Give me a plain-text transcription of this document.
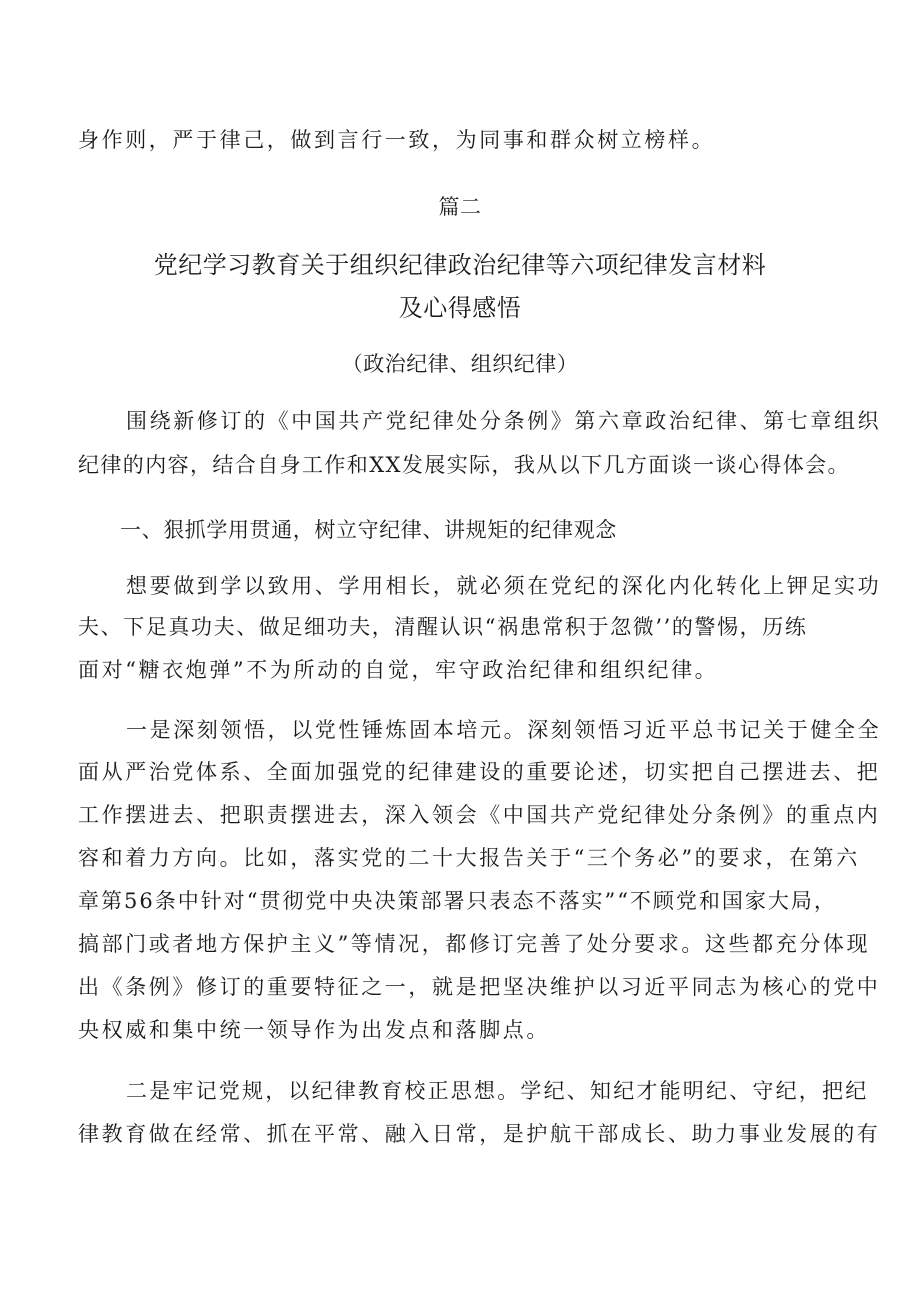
身作则，严于律己，做到言行一致，为同事和群众树立榜样。
篇二
党纪学习教育关于组织纪律政治纪律等六项纪律发言材料
及心得感悟
（政治纪律、组织纪律）
围绕新修订的《中国共产党纪律处分条例》第六章政治纪律、第七章组织
纪律的内容，结合自身工作和XX发展实际，我从以下几方面谈一谈心得体会。
一、狠抓学用贯通，树立守纪律、讲规矩的纪律观念
想要做到学以致用、学用相长，就必须在党纪的深化内化转化上钾足实功
夫、下足真功夫、做足细功夫，清醒认识“祸患常积于忽微’’的警惕，历练
面对“糖衣炮弹”不为所动的自觉，牢守政治纪律和组织纪律。
一是深刻领悟，以党性锤炼固本培元。深刻领悟习近平总书记关于健全全
面从严治党体系、全面加强党的纪律建设的重要论述，切实把自己摆进去、把
工作摆进去、把职责摆进去，深入领会《中国共产党纪律处分条例》的重点内
容和着力方向。比如，落实党的二十大报告关于“三个务必”的要求，在第六
章第56条中针对“贯彻党中央决策部署只表态不落实”“不顾党和国家大局，
搞部门或者地方保护主义”等情况，都修订完善了处分要求。这些都充分体现
出《条例》修订的重要特征之一，就是把坚决维护以习近平同志为核心的党中
央权威和集中统一领导作为出发点和落脚点。
二是牢记党规，以纪律教育校正思想。学纪、知纪才能明纪、守纪，把纪
律教育做在经常、抓在平常、融入日常，是护航干部成长、助力事业发展的有
